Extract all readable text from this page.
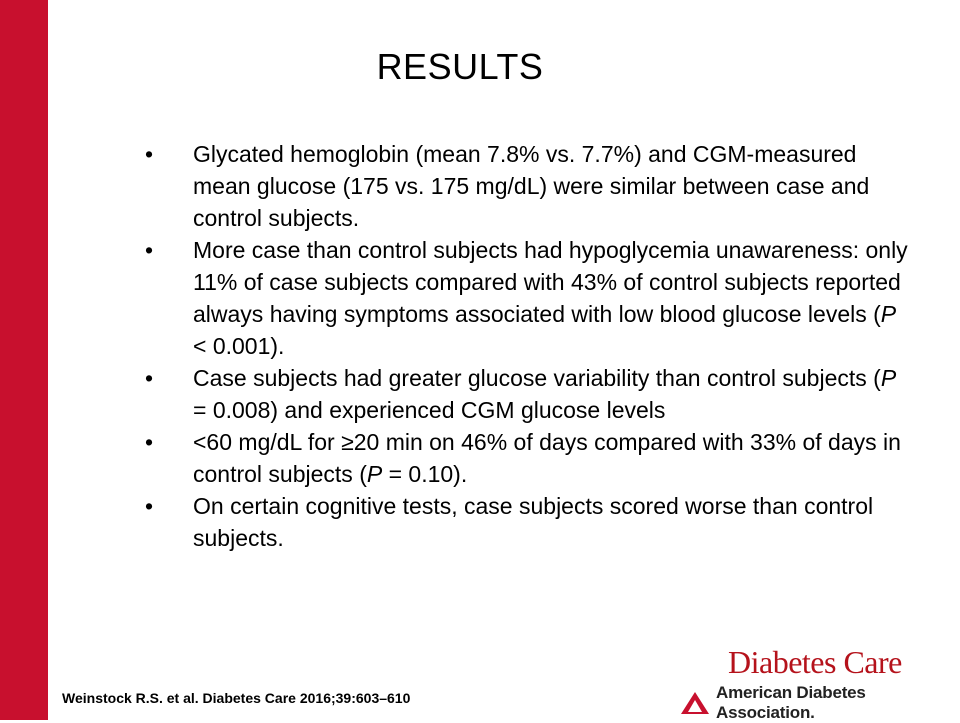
RESULTS
• Glycated hemoglobin (mean 7.8% vs. 7.7%) and CGM-measured mean glucose (175 vs. 175 mg/dL) were similar between case and control subjects.
• More case than control subjects had hypoglycemia unawareness: only 11% of case subjects compared with 43% of control subjects reported always having symptoms associated with low blood glucose levels (P < 0.001).
• Case subjects had greater glucose variability than control subjects (P = 0.008) and experienced CGM glucose levels
• <60 mg/dL for ≥20 min on 46% of days compared with 33% of days in control subjects (P = 0.10).
• On certain cognitive tests, case subjects scored worse than control subjects.
Weinstock R.S. et al. Diabetes Care 2016;39:603–610
Diabetes Care
American Diabetes Association.
